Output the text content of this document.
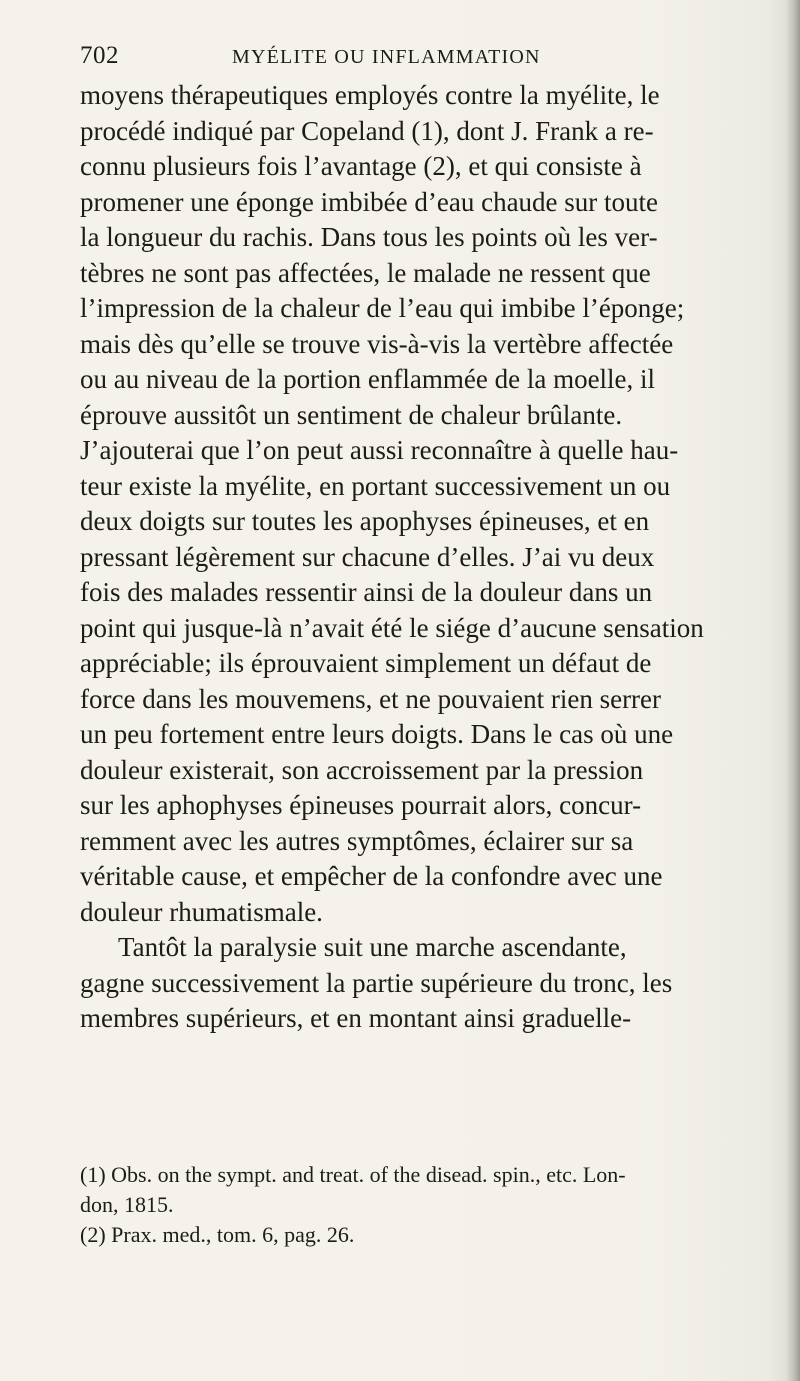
702	MYÉLITE OU INFLAMMATION
moyens thérapeutiques employés contre la myélite, le
procédé indiqué par Copeland (1), dont J. Frank a re-
connu plusieurs fois l’avantage (2), et qui consiste à
promener une éponge imbibée d’eau chaude sur toute
la longueur du rachis. Dans tous les points où les ver-
tèbres ne sont pas affectées, le malade ne ressent que
l’impression de la chaleur de l’eau qui imbibe l’éponge;
mais dès qu’elle se trouve vis-à-vis la vertèbre affectée
ou au niveau de la portion enflammée de la moelle, il
éprouve aussitôt un sentiment de chaleur brûlante.
J’ajouterai que l’on peut aussi reconnaître à quelle hau-
teur existe la myélite, en portant successivement un ou
deux doigts sur toutes les apophyses épineuses, et en
pressant légèrement sur chacune d’elles. J’ai vu deux
fois des malades ressentir ainsi de la douleur dans un
point qui jusque-là n’avait été le siége d’aucune sensation
appréciable; ils éprouvaient simplement un défaut de
force dans les mouvemens, et ne pouvaient rien serrer
un peu fortement entre leurs doigts. Dans le cas où une
douleur existerait, son accroissement par la pression
sur les aphophyses épineuses pourrait alors, concur-
remment avec les autres symptômes, éclairer sur sa
véritable cause, et empêcher de la confondre avec une
douleur rhumatismale.
Tantôt la paralysie suit une marche ascendante,
gagne successivement la partie supérieure du tronc, les
membres supérieurs, et en montant ainsi graduelle-
(1) Obs. on the sympt. and treat. of the disead. spin., etc. Lon-
don, 1815.
(2) Prax. med., tom. 6, pag. 26.
